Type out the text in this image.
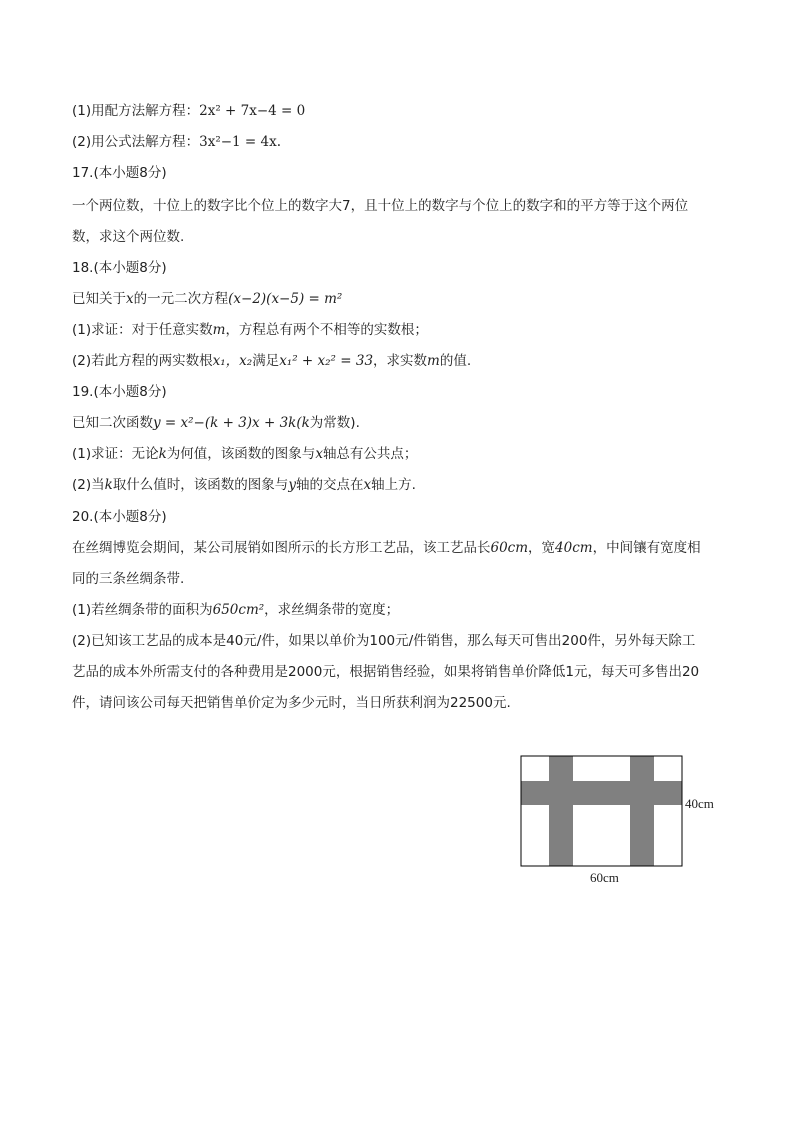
(1)用配方法解方程：2x² + 7x−4 = 0
(2)用公式法解方程：3x²−1 = 4x.
17.(本小题8分)
一个两位数，十位上的数字比个位上的数字大7，且十位上的数字与个位上的数字和的平方等于这个两位
数，求这个两位数.
18.(本小题8分)
已知关于x的一元二次方程(x−2)(x−5) = m²
(1)求证：对于任意实数m，方程总有两个不相等的实数根；
(2)若此方程的两实数根x₁，x₂满足x₁² + x₂² = 33，求实数m的值.
19.(本小题8分)
已知二次函数y = x²−(k + 3)x + 3k(k为常数).
(1)求证：无论k为何值，该函数的图象与x轴总有公共点；
(2)当k取什么值时，该函数的图象与y轴的交点在x轴上方.
20.(本小题8分)
在丝绸博览会期间，某公司展销如图所示的长方形工艺品，该工艺品长60cm，宽40cm，中间镶有宽度相
同的三条丝绸条带.
(1)若丝绸条带的面积为650cm²，求丝绸条带的宽度；
(2)已知该工艺品的成本是40元/件，如果以单价为100元/件销售，那么每天可售出200件，另外每天除工
艺品的成本外所需支付的各种费用是2000元，根据销售经验，如果将销售单价降低1元，每天可多售出20
件，请问该公司每天把销售单价定为多少元时，当日所获利润为22500元.
40cm
60cm
